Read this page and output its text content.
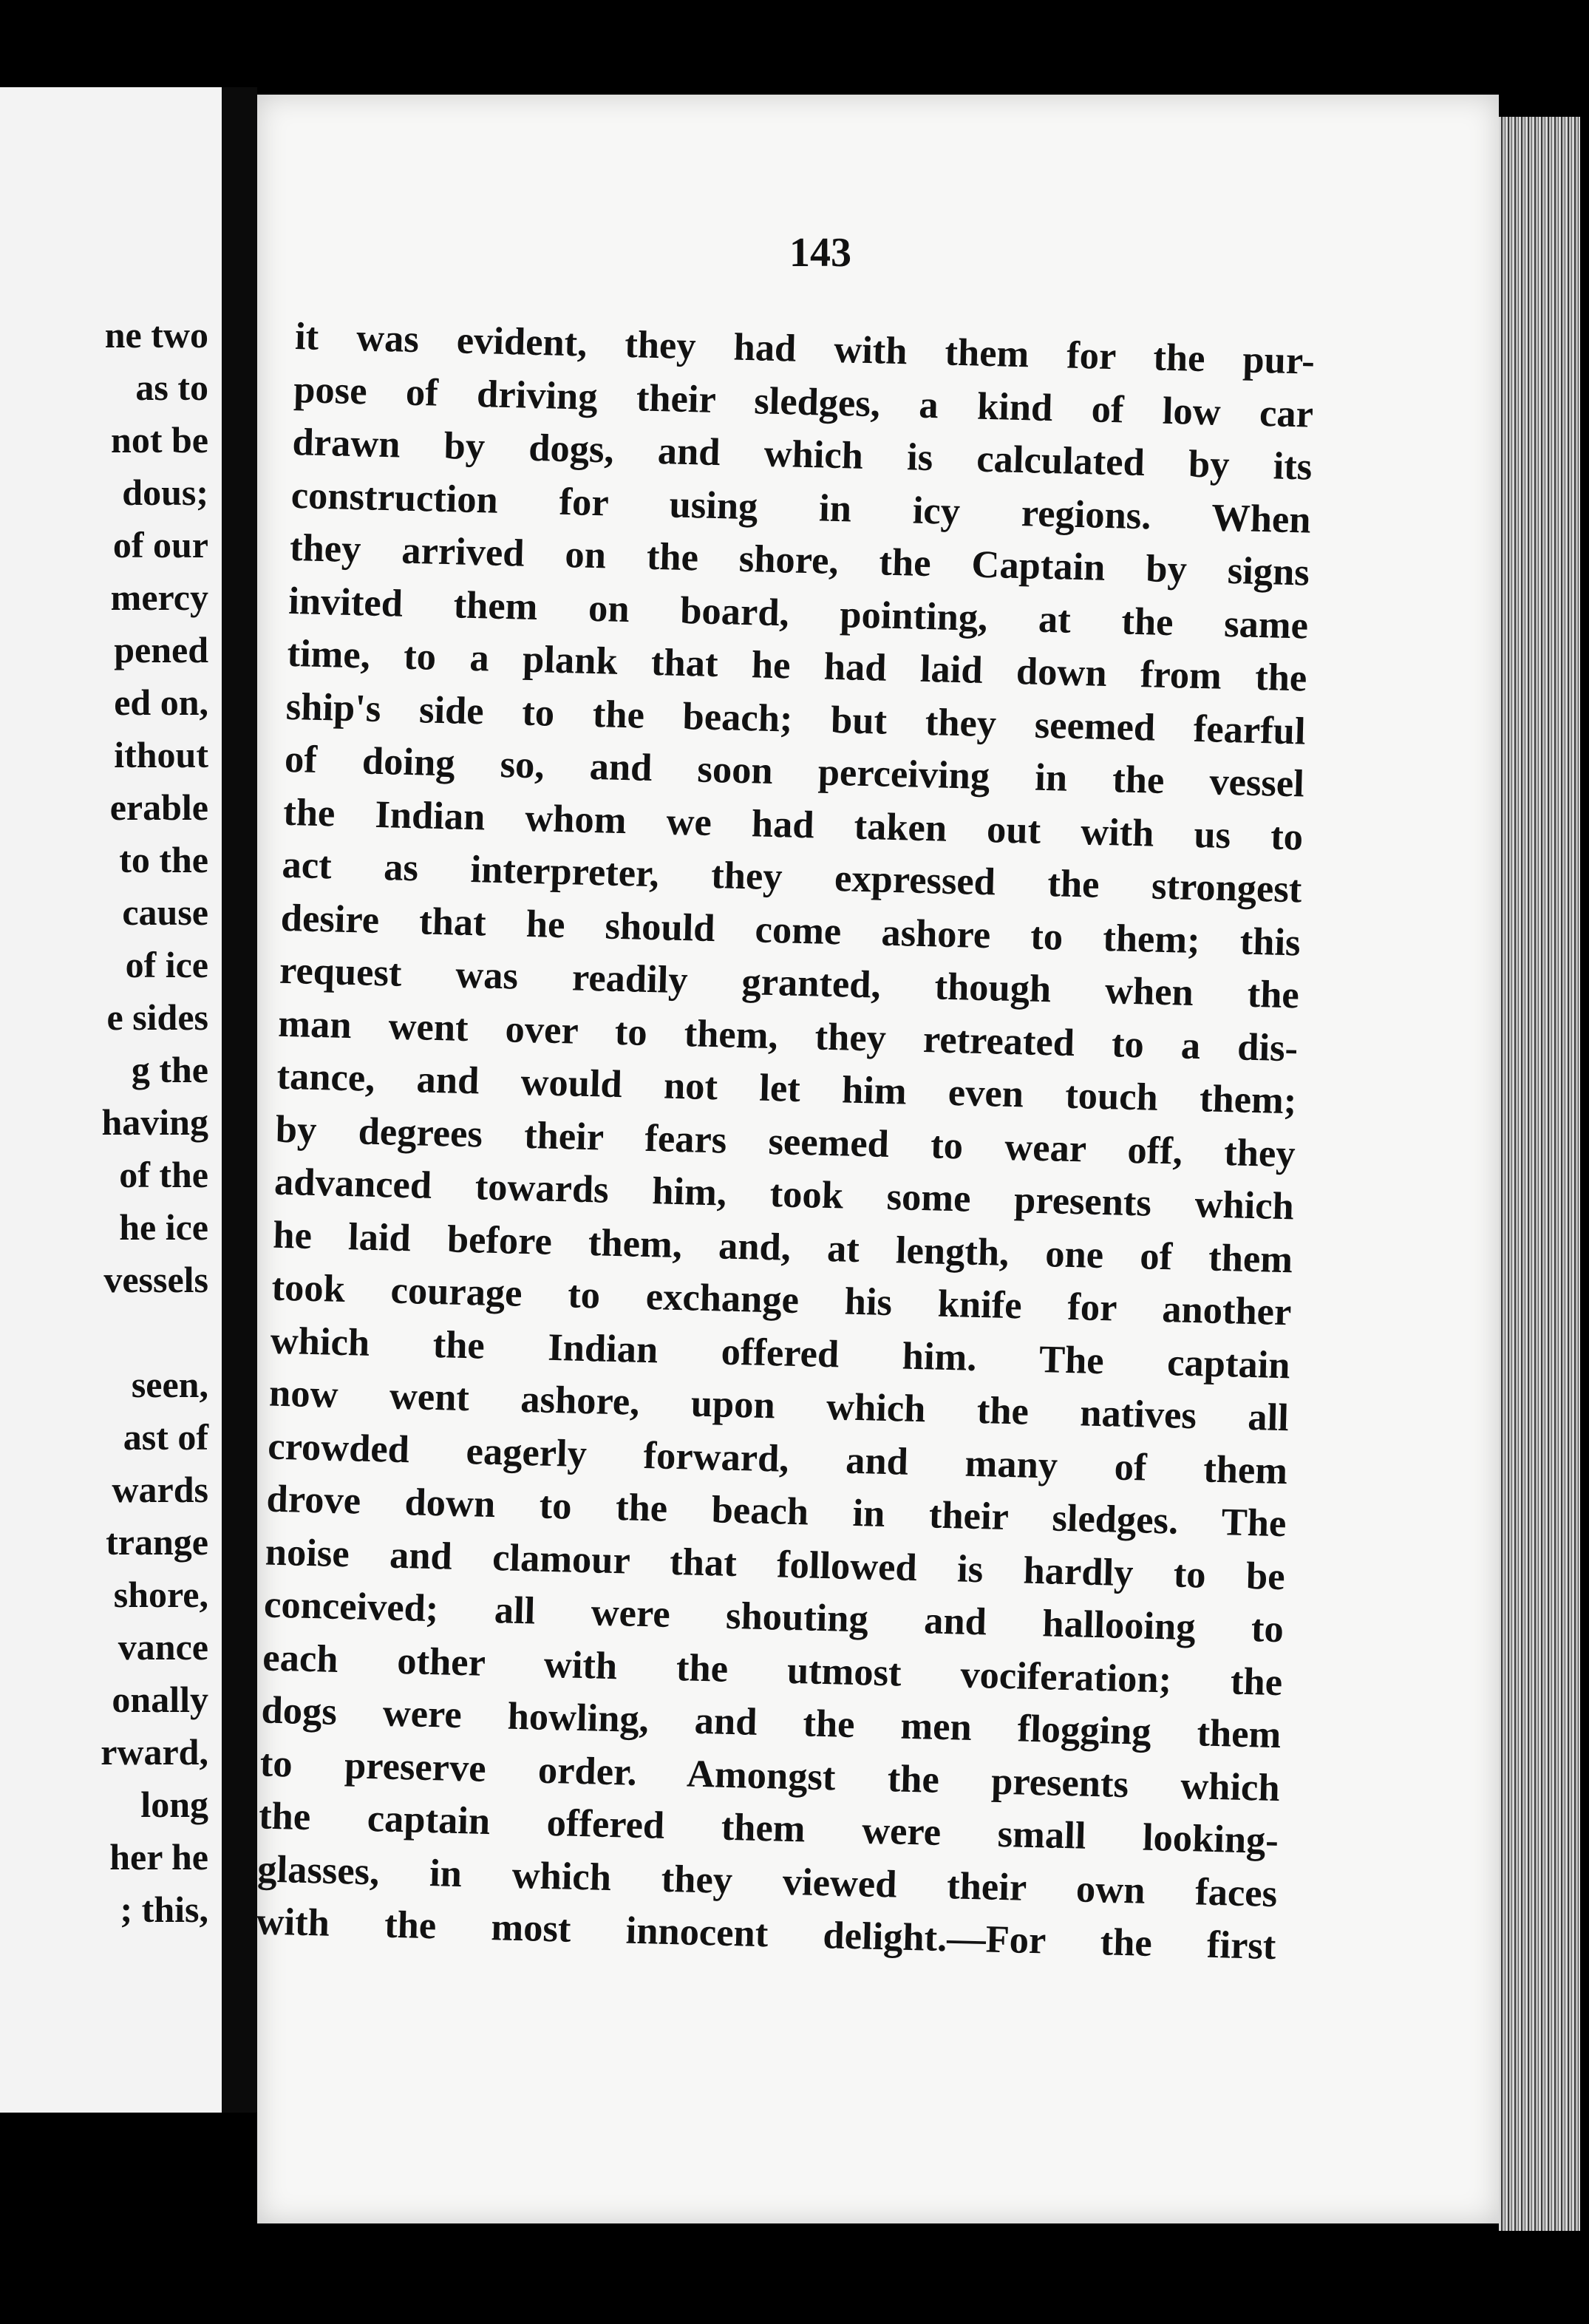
ne two
as to
not be
dous;
of our
mercy
pened
ed on,
ithout
erable
to the
cause
of ice
e sides
g the
having
of the
he ice
vessels
seen,
ast of
wards
trange
shore,
vance
onally
rward,
long
her he
; this,
143
it was evident, they had with them for the pur-
pose of driving their sledges, a kind of low car
drawn by dogs, and which is calculated by its
construction for using in icy regions. When
they arrived on the shore, the Captain by signs
invited them on board, pointing, at the same
time, to a plank that he had laid down from the
ship's side to the beach; but they seemed fearful
of doing so, and soon perceiving in the vessel
the Indian whom we had taken out with us to
act as interpreter, they expressed the strongest
desire that he should come ashore to them; this
request was readily granted, though when the
man went over to them, they retreated to a dis-
tance, and would not let him even touch them;
by degrees their fears seemed to wear off, they
advanced towards him, took some presents which
he laid before them, and, at length, one of them
took courage to exchange his knife for another
which the Indian offered him. The captain
now went ashore, upon which the natives all
crowded eagerly forward, and many of them
drove down to the beach in their sledges. The
noise and clamour that followed is hardly to be
conceived; all were shouting and hallooing to
each other with the utmost vociferation; the
dogs were howling, and the men flogging them
to preserve order. Amongst the presents which
the captain offered them were small looking-
glasses, in which they viewed their own faces
with the most innocent delight.—For the first
